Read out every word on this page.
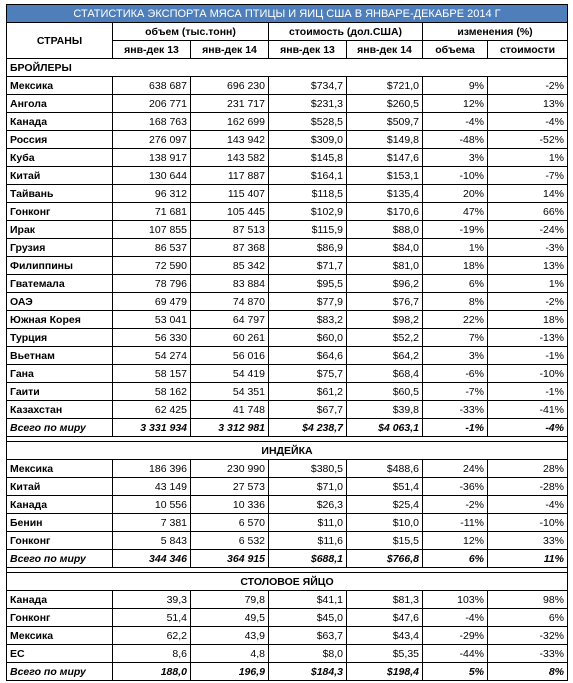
СТАТИСТИКА ЭКСПОРТА МЯСА ПТИЦЫ И ЯИЦ США В ЯНВАРЕ-ДЕКАБРЕ 2014 Г						
СТРАНЫ	объем (тыс.тонн)		стоимость (дол.США)		изменения (%)	
	янв-дек 13	янв-дек 14	янв-дек 13	янв-дек 14	объема	стоимости
БРОЙЛЕРЫ						
Мексика	638 687	696 230	$734,7	$721,0	9%	-2%
Ангола	206 771	231 717	$231,3	$260,5	12%	13%
Канада	168 763	162 699	$528,5	$509,7	-4%	-4%
Россия	276 097	143 942	$309,0	$149,8	-48%	-52%
Куба	138 917	143 582	$145,8	$147,6	3%	1%
Китай	130 644	117 887	$164,1	$153,1	-10%	-7%
Тайвань	96 312	115 407	$118,5	$135,4	20%	14%
Гонконг	71 681	105 445	$102,9	$170,6	47%	66%
Ирак	107 855	87 513	$115,9	$88,0	-19%	-24%
Грузия	86 537	87 368	$86,9	$84,0	1%	-3%
Филиппины	72 590	85 342	$71,7	$81,0	18%	13%
Гватемала	78 796	83 884	$95,5	$96,2	6%	1%
ОАЭ	69 479	74 870	$77,9	$76,7	8%	-2%
Южная Корея	53 041	64 797	$83,2	$98,2	22%	18%
Турция	56 330	60 261	$60,0	$52,2	7%	-13%
Вьетнам	54 274	56 016	$64,6	$64,2	3%	-1%
Гана	58 157	54 419	$75,7	$68,4	-6%	-10%
Гаити	58 162	54 351	$61,2	$60,5	-7%	-1%
Казахстан	62 425	41 748	$67,7	$39,8	-33%	-41%
Всего по миру	3 331 934	3 312 981	$4 238,7	$4 063,1	-1%	-4%

ИНДЕЙКА						
Мексика	186 396	230 990	$380,5	$488,6	24%	28%
Китай	43 149	27 573	$71,0	$51,4	-36%	-28%
Канада	10 556	10 336	$26,3	$25,4	-2%	-4%
Бенин	7 381	6 570	$11,0	$10,0	-11%	-10%
Гонконг	5 843	6 532	$11,6	$15,5	12%	33%
Всего по миру	344 346	364 915	$688,1	$766,8	6%	11%

СТОЛОВОЕ ЯЙЦО						
Канада	39,3	79,8	$41,1	$81,3	103%	98%
Гонконг	51,4	49,5	$45,0	$47,6	-4%	6%
Мексика	62,2	43,9	$63,7	$43,4	-29%	-32%
ЕС	8,6	4,8	$8,0	$5,35	-44%	-33%
Всего по миру	188,0	196,9	$184,3	$198,4	5%	8%
